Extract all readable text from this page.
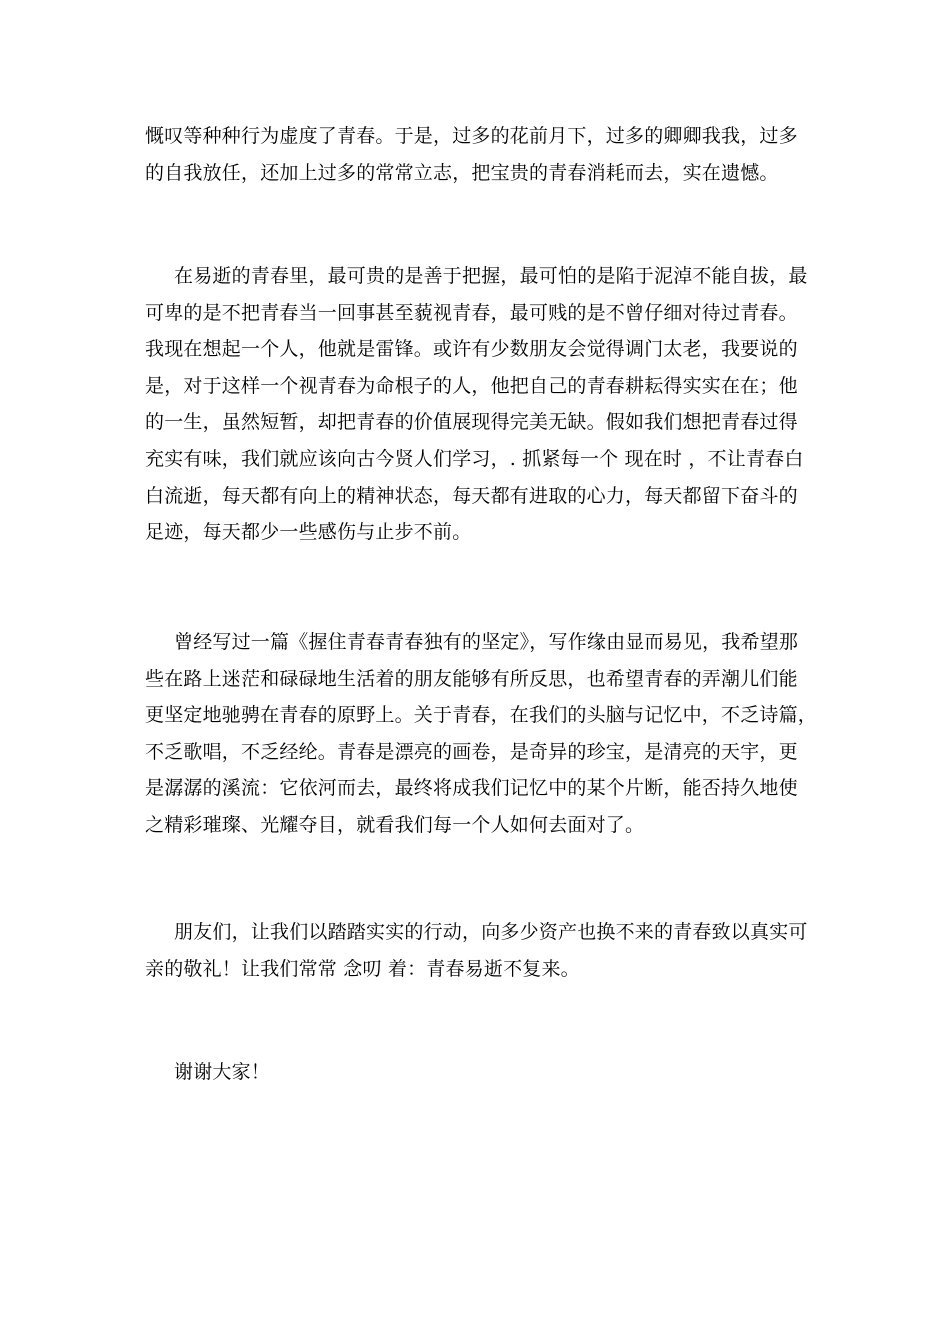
慨叹等种种行为虚度了青春。于是，过多的花前月下，过多的卿卿我我，过多
的自我放任，还加上过多的常常立志，把宝贵的青春消耗而去，实在遗憾。

在易逝的青春里，最可贵的是善于把握，最可怕的是陷于泥淖不能自拔，最
可卑的是不把青春当一回事甚至藐视青春，最可贱的是不曾仔细对待过青春。
我现在想起一个人，他就是雷锋。或许有少数朋友会觉得调门太老，我要说的
是，对于这样一个视青春为命根子的人，他把自己的青春耕耘得实实在在；他
的一生，虽然短暂，却把青春的价值展现得完美无缺。假如我们想把青春过得
充实有味，我们就应该向古今贤人们学习，. 抓紧每一个 现在时 ，不让青春白
白流逝，每天都有向上的精神状态，每天都有进取的心力，每天都留下奋斗的
足迹，每天都少一些感伤与止步不前。

曾经写过一篇《握住青春青春独有的坚定》，写作缘由显而易见，我希望那
些在路上迷茫和碌碌地生活着的朋友能够有所反思，也希望青春的弄潮儿们能
更坚定地驰骋在青春的原野上。关于青春，在我们的头脑与记忆中，不乏诗篇，
不乏歌唱，不乏经纶。青春是漂亮的画卷，是奇异的珍宝，是清亮的天宇，更
是潺潺的溪流：它依河而去，最终将成我们记忆中的某个片断，能否持久地使
之精彩璀璨、光耀夺目，就看我们每一个人如何去面对了。

朋友们，让我们以踏踏实实的行动，向多少资产也换不来的青春致以真实可
亲的敬礼！让我们常常 念叨 着：青春易逝不复来。

谢谢大家！
